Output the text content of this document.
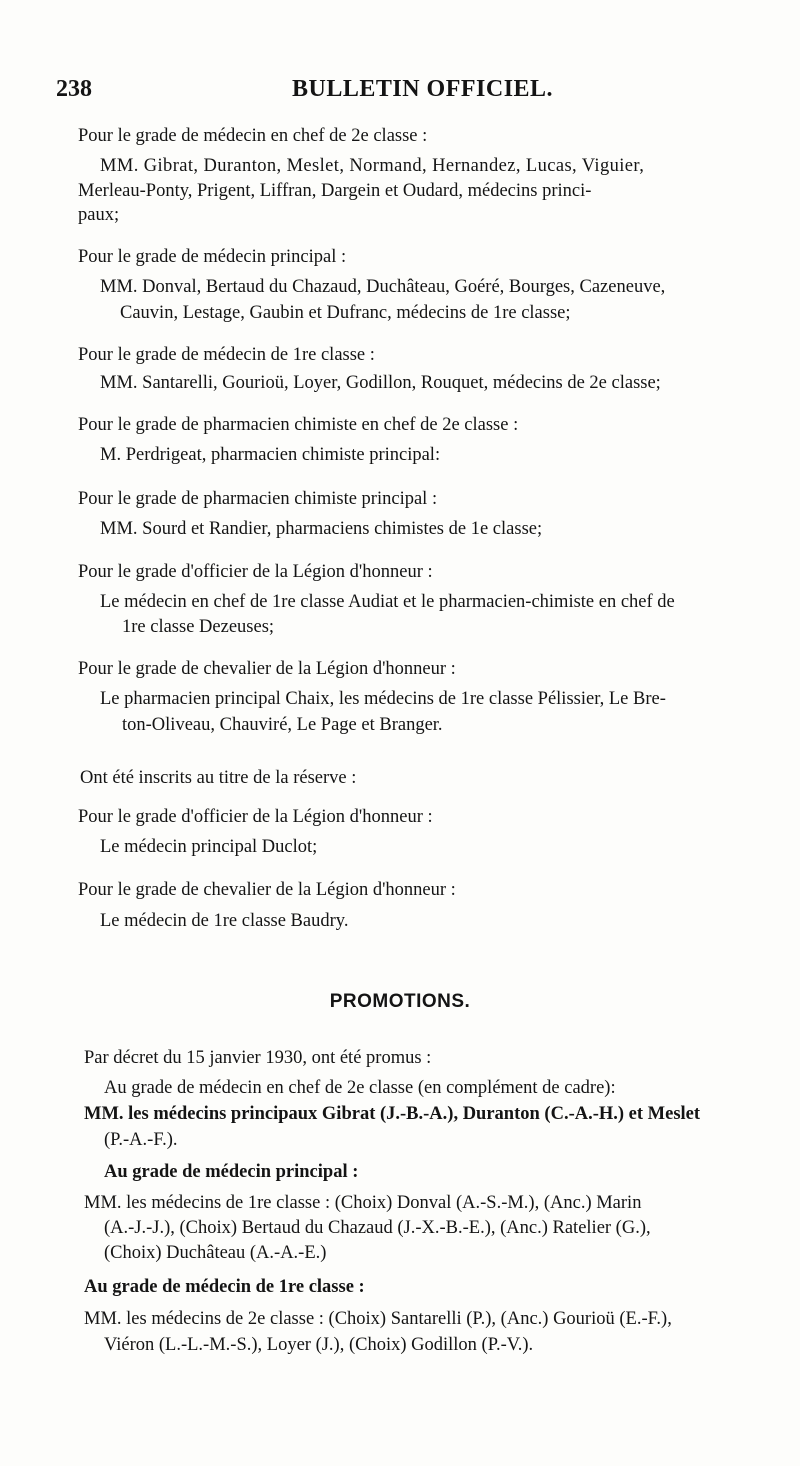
238	BULLETIN OFFICIEL.
Pour le grade de médecin en chef de 2e classe :
MM. Gibrat, Duranton, Meslet, Normand, Hernandez, Lucas, Viguier,
Merleau-Ponty, Prigent, Liffran, Dargein et Oudard, médecins princi-
paux;
Pour le grade de médecin principal :
MM. Donval, Bertaud du Chazaud, Duchâteau, Goéré, Bourges, Cazeneuve,
Cauvin, Lestage, Gaubin et Dufranc, médecins de 1re classe;
Pour le grade de médecin de 1re classe :
MM. Santarelli, Gourioü, Loyer, Godillon, Rouquet, médecins de 2e classe;
Pour le grade de pharmacien chimiste en chef de 2e classe :
M. Perdrigeat, pharmacien chimiste principal:
Pour le grade de pharmacien chimiste principal :
MM. Sourd et Randier, pharmaciens chimistes de 1e classe;
Pour le grade d'officier de la Légion d'honneur :
Le médecin en chef de 1re classe Audiat et le pharmacien-chimiste en chef de
1re classe Dezeuses;
Pour le grade de chevalier de la Légion d'honneur :
Le pharmacien principal Chaix, les médecins de 1re classe Pélissier, Le Bre-
ton-Oliveau, Chauviré, Le Page et Branger.
Ont été inscrits au titre de la réserve :
Pour le grade d'officier de la Légion d'honneur :
Le médecin principal Duclot;
Pour le grade de chevalier de la Légion d'honneur :
Le médecin de 1re classe Baudry.
PROMOTIONS.
Par décret du 15 janvier 1930, ont été promus :
Au grade de médecin en chef de 2e classe (en complément de cadre):
MM. les médecins principaux Gibrat (J.-B.-A.), Duranton (C.-A.-H.) et Meslet
(P.-A.-F.).
Au grade de médecin principal :
MM. les médecins de 1re classe : (Choix) Donval (A.-S.-M.), (Anc.) Marin
(A.-J.-J.), (Choix) Bertaud du Chazaud (J.-X.-B.-E.), (Anc.) Ratelier (G.),
(Choix) Duchâteau (A.-A.-E.)
Au grade de médecin de 1re classe :
MM. les médecins de 2e classe : (Choix) Santarelli (P.), (Anc.) Gourioü (E.-F.),
Viéron (L.-L.-M.-S.), Loyer (J.), (Choix) Godillon (P.-V.).
